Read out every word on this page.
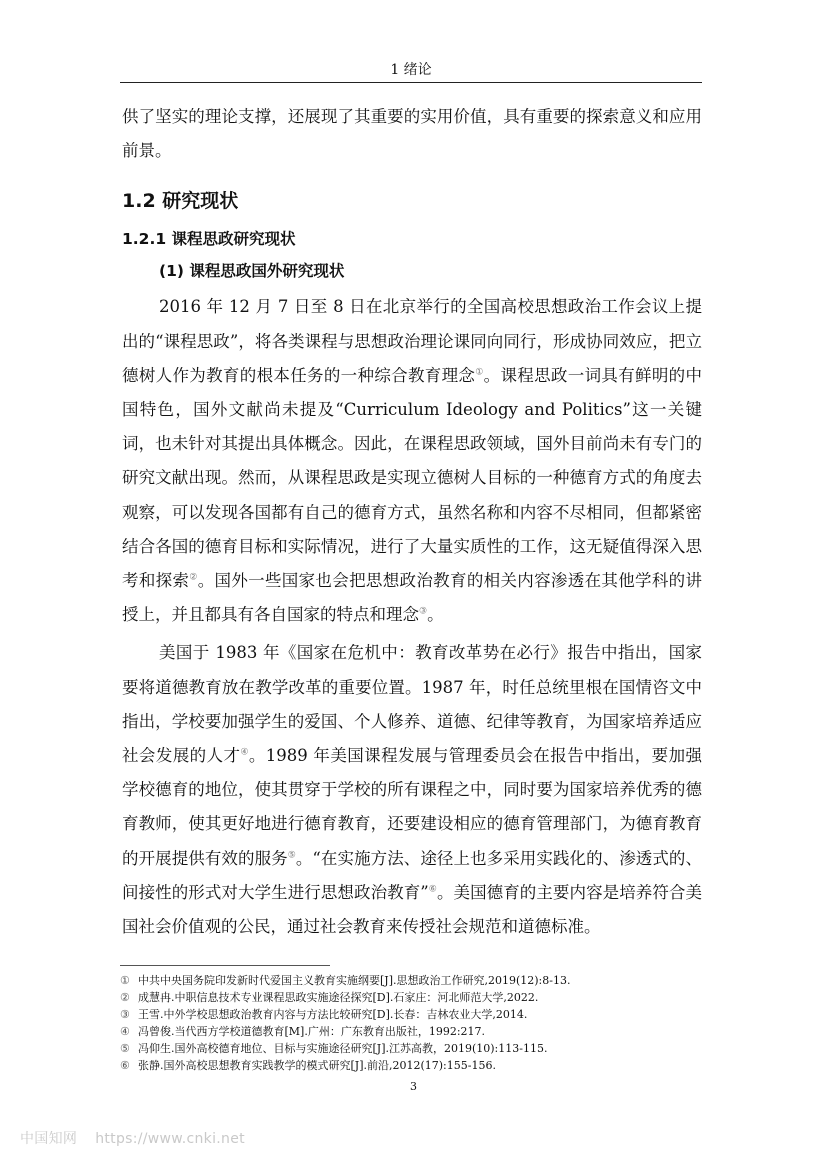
1 绪论

供了坚实的理论支撑，还展现了其重要的实用价值，具有重要的探索意义和应用前景。

1.2 研究现状
1.2.1 课程思政研究现状
(1) 课程思政国外研究现状

2016 年 12 月 7 日至 8 日在北京举行的全国高校思想政治工作会议上提出的“课程思政”，将各类课程与思想政治理论课同向同行，形成协同效应，把立德树人作为教育的根本任务的一种综合教育理念①。课程思政一词具有鲜明的中国特色，国外文献尚未提及“Curriculum Ideology and Politics”这一关键词，也未针对其提出具体概念。因此，在课程思政领域，国外目前尚未有专门的研究文献出现。然而，从课程思政是实现立德树人目标的一种德育方式的角度去观察，可以发现各国都有自己的德育方式，虽然名称和内容不尽相同，但都紧密结合各国的德育目标和实际情况，进行了大量实质性的工作，这无疑值得深入思考和探索②。国外一些国家也会把思想政治教育的相关内容渗透在其他学科的讲授上，并且都具有各自国家的特点和理念③。

美国于 1983 年《国家在危机中：教育改革势在必行》报告中指出，国家要将道德教育放在教学改革的重要位置。1987 年，时任总统里根在国情咨文中指出，学校要加强学生的爱国、个人修养、道德、纪律等教育，为国家培养适应社会发展的人才④。1989 年美国课程发展与管理委员会在报告中指出，要加强学校德育的地位，使其贯穿于学校的所有课程之中，同时要为国家培养优秀的德育教师，使其更好地进行德育教育，还要建设相应的德育管理部门，为德育教育的开展提供有效的服务⑤。“在实施方法、途径上也多采用实践化的、渗透式的、间接性的形式对大学生进行思想政治教育”⑥。美国德育的主要内容是培养符合美国社会价值观的公民，通过社会教育来传授社会规范和道德标准。

① 中共中央国务院印发新时代爱国主义教育实施纲要[J].思想政治工作研究,2019(12):8-13.
② 成慧冉.中职信息技术专业课程思政实施途径探究[D].石家庄：河北师范大学,2022.
③ 王雪.中外学校思想政治教育内容与方法比较研究[D].长春：吉林农业大学,2014.
④ 冯曾俊.当代西方学校道德教育[M].广州：广东教育出版社，1992:217.
⑤ 冯仰生.国外高校德育地位、目标与实施途径研究[J].江苏高教，2019(10):113-115.
⑥ 张静.国外高校思想教育实践教学的模式研究[J].前沿,2012(17):155-156.
3
中国知网 https://www.cnki.net
